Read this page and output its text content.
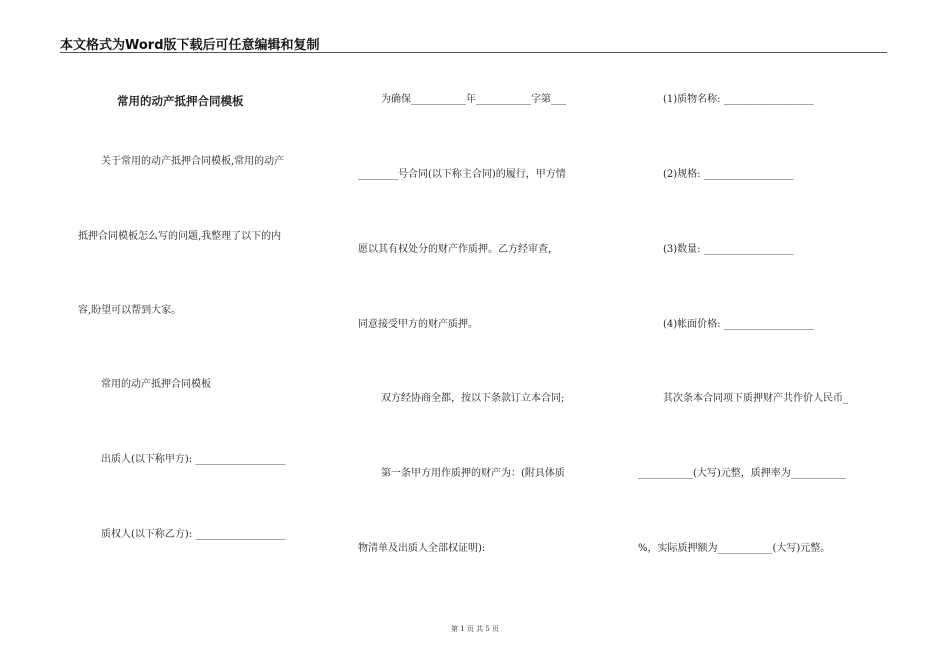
本文格式为Word版下载后可任意编辑和复制
常用的动产抵押合同模板
关于常用的动产抵押合同模板,常用的动产
抵押合同模板怎么写的问题,我整理了以下的内
容,盼望可以帮到大家。
常用的动产抵押合同模板
出质人(以下称甲方): __________________
质权人(以下称乙方): __________________
为确保___________年___________字第___
________号合同(以下称主合同)的履行，甲方情
愿以其有权处分的财产作质押。乙方经审查，
同意接受甲方的财产质押。
双方经协商全都，按以下条款订立本合同;
第一条甲方用作质押的财产为：(附具体质
物清单及出质人全部权证明):
(1)质物名称: __________________
(2)规格: __________________
(3)数量: __________________
(4)帐面价格: __________________
其次条本合同项下质押财产共作价人民币_
___________(大写)元整，质押率为___________
%，实际质押额为___________(大写)元整。
第 1 页 共 5 页
